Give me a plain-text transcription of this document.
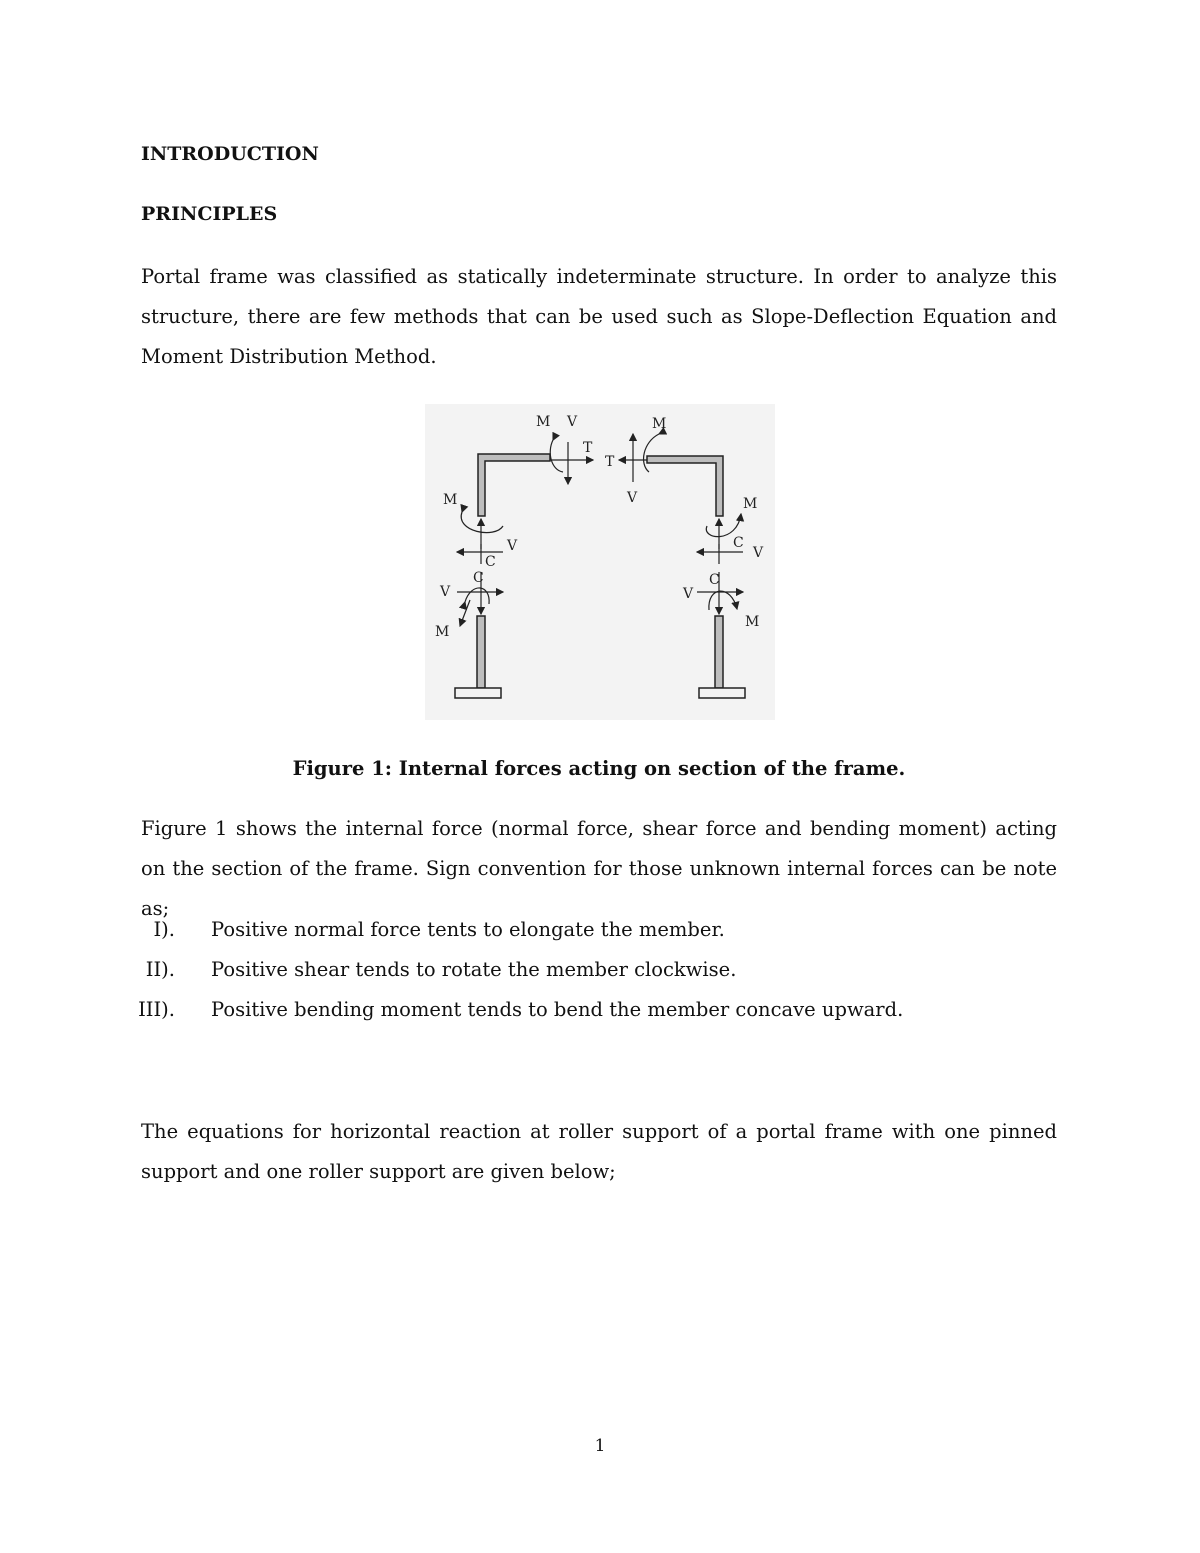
INTRODUCTION
PRINCIPLES
Portal frame was classified as statically indeterminate structure. In order to analyze this structure, there are few methods that can be used such as Slope-Deflection Equation and Moment Distribution Method.
M V
T
M
V
C
C
V
M
M
T
V	M
C
V
C
V
M
Figure 1: Internal forces acting on section of the frame.
Figure 1 shows the internal force (normal force, shear force and bending moment) acting on the section of the frame. Sign convention for those unknown internal forces can be note as;
I). Positive normal force tents to elongate the member.
II). Positive shear tends to rotate the member clockwise.
III). Positive bending moment tends to bend the member concave upward.
The equations for horizontal reaction at roller support of a portal frame with one pinned support and one roller support are given below;
1
